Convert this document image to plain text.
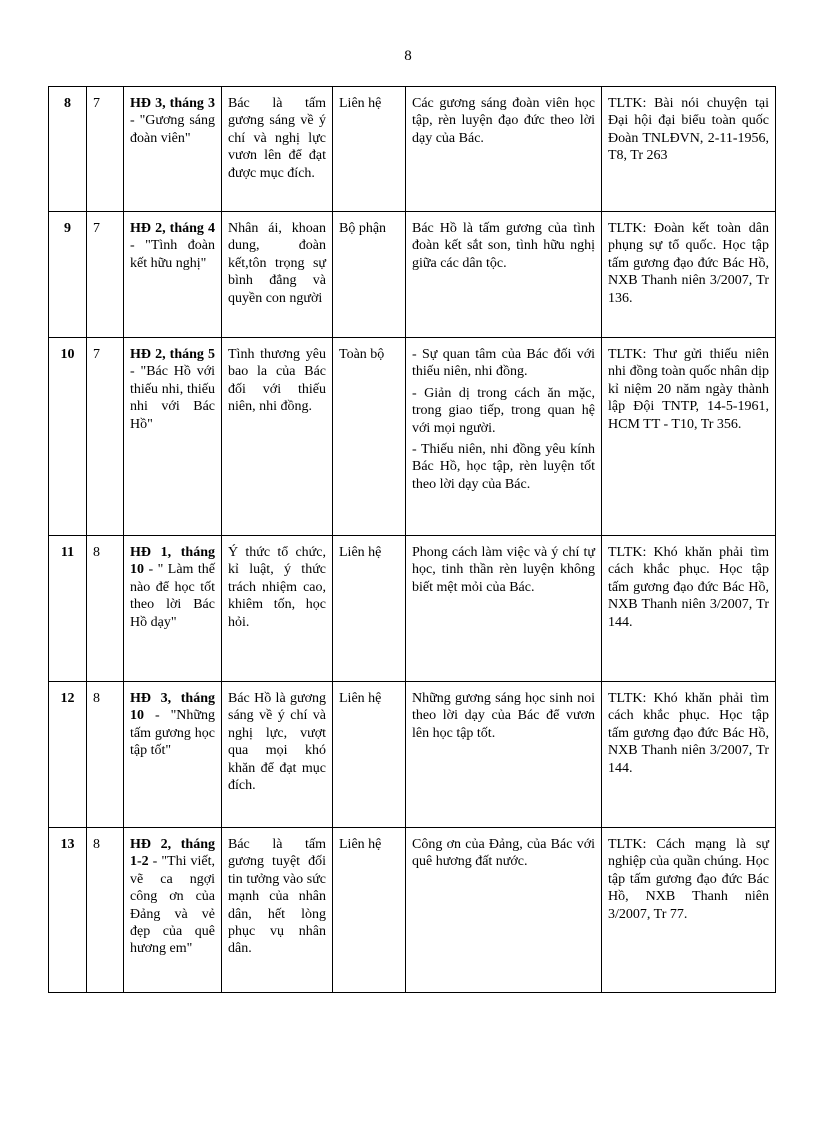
8
8	7	HĐ 3, tháng 3 - "Gương sáng đoàn viên"	Bác là tấm gương sáng về ý chí và nghị lực vươn lên để đạt được mục đích.	Liên hệ	Các gương sáng đoàn viên học tập, rèn luyện đạo đức theo lời dạy của Bác.	TLTK: Bài nói chuyện tại Đại hội đại biểu toàn quốc Đoàn TNLĐVN, 2-11-1956, T8, Tr 263
9	7	HĐ 2, tháng 4 - "Tình đoàn kết hữu nghị"	Nhân ái, khoan dung, đoàn kết,tôn trọng sự bình đẳng và quyền con người	Bộ phận	Bác Hồ là tấm gương của tình đoàn kết sắt son, tình hữu nghị giữa các dân tộc.	TLTK: Đoàn kết toàn dân phụng sự tổ quốc. Học tập tấm gương đạo đức Bác Hồ, NXB Thanh niên 3/2007, Tr 136.
10	7	HĐ 2, tháng 5 - "Bác Hồ với thiếu nhi, thiếu nhi với Bác Hồ"	Tình thương yêu bao la của Bác đối với thiếu niên, nhi đồng.	Toàn bộ	- Sự quan tâm của Bác đối với thiếu niên, nhi đồng.

- Giản dị trong cách ăn mặc, trong giao tiếp, trong quan hệ với mọi người.

- Thiếu niên, nhi đồng yêu kính Bác Hồ, học tập, rèn luyện tốt theo lời dạy của Bác.	TLTK: Thư gửi thiếu niên nhi đồng toàn quốc nhân dịp kỉ niệm 20 năm ngày thành lập Đội TNTP, 14-5-1961, HCM TT - T10, Tr 356.
11	8	HĐ 1, tháng 10 - " Làm thế nào để học tốt theo lời Bác Hồ dạy"	Ý thức tổ chức, kỉ luật, ý thức trách nhiệm cao, khiêm tốn, học hỏi.	Liên hệ	Phong cách làm việc và ý chí tự học, tinh thần rèn luyện không biết mệt mỏi của Bác.	TLTK: Khó khăn phải tìm cách khắc phục. Học tập tấm gương đạo đức Bác Hồ, NXB Thanh niên 3/2007, Tr 144.
12	8	HĐ 3, tháng 10 - "Những tấm gương học tập tốt"	Bác Hồ là gương sáng về ý chí và nghị lực, vượt qua mọi khó khăn để đạt mục đích.	Liên hệ	Những gương sáng học sinh noi theo lời dạy của Bác để vươn lên học tập tốt.	TLTK: Khó khăn phải tìm cách khắc phục. Học tập tấm gương đạo đức Bác Hồ, NXB Thanh niên 3/2007, Tr 144.
13	8	HĐ 2, tháng 1-2 - "Thi viết, vẽ ca ngợi công ơn của Đảng và vẻ đẹp của quê hương em"	Bác là tấm gương tuyệt đối tin tưởng vào sức mạnh của nhân dân, hết lòng phục vụ nhân dân.	Liên hệ	Công ơn của Đảng, của Bác với quê hương đất nước.	TLTK: Cách mạng là sự nghiệp của quần chúng. Học tập tấm gương đạo đức Bác Hồ, NXB Thanh niên 3/2007, Tr 77.
